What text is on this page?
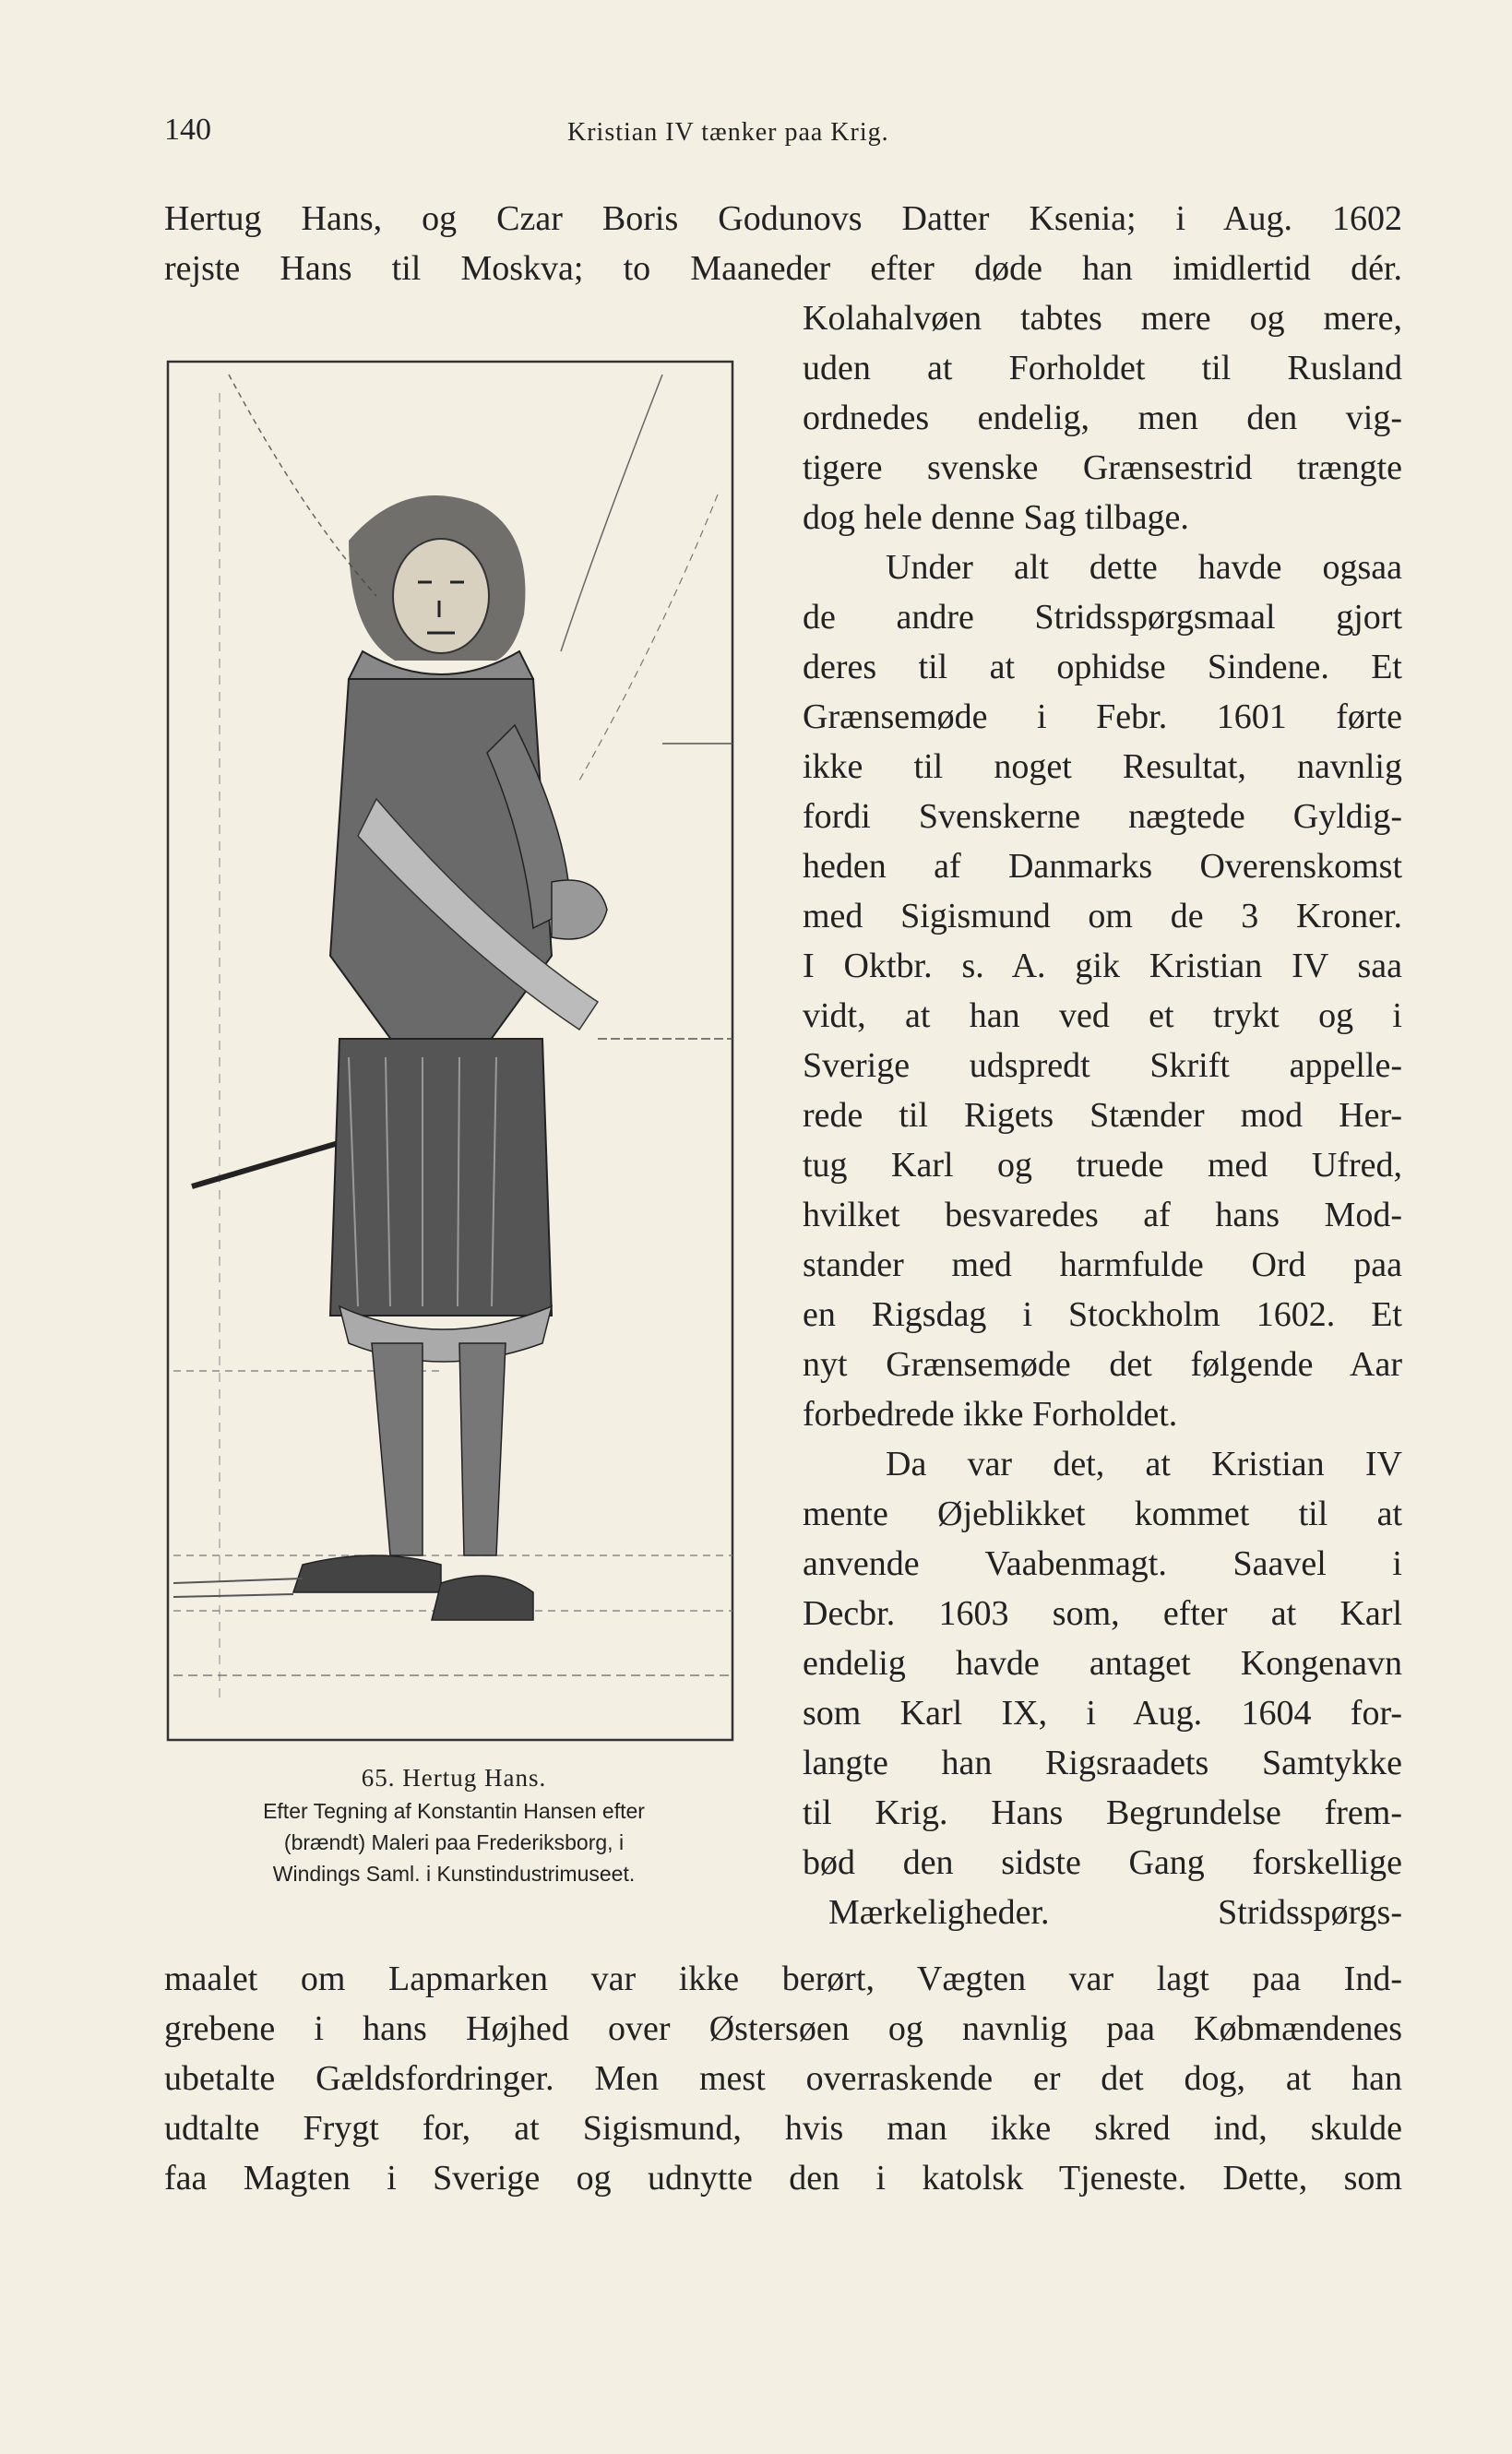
140	Kristian IV tænker paa Krig.
Hertug Hans, og Czar Boris Godunovs Datter Ksenia; i Aug. 1602
rejste Hans til Moskva; to Maaneder efter døde han imidlertid dér.
65. Hertug Hans.
Efter Tegning af Konstantin Hansen efter
(brændt) Maleri paa Frederiksborg, i
Windings Saml. i Kunstindustrimuseet.
Kolahalvøen tabtes mere og mere,
uden at Forholdet til Rusland
ordnedes endelig, men den vig-
tigere svenske Grænsestrid trængte
dog hele denne Sag tilbage.
Under alt dette havde ogsaa
de andre Stridsspørgsmaal gjort
deres til at ophidse Sindene. Et
Grænsemøde i Febr. 1601 førte
ikke til noget Resultat, navnlig
fordi Svenskerne nægtede Gyldig-
heden af Danmarks Overenskomst
med Sigismund om de 3 Kroner.
I Oktbr. s. A. gik Kristian IV saa
vidt, at han ved et trykt og i
Sverige udspredt Skrift appelle-
rede til Rigets Stænder mod Her-
tug Karl og truede med Ufred,
hvilket besvaredes af hans Mod-
stander med harmfulde Ord paa
en Rigsdag i Stockholm 1602. Et
nyt Grænsemøde det følgende Aar
forbedrede ikke Forholdet.
Da var det, at Kristian IV
mente Øjeblikket kommet til at
anvende Vaabenmagt. Saavel i
Decbr. 1603 som, efter at Karl
endelig havde antaget Kongenavn
som Karl IX, i Aug. 1604 for-
langte han Rigsraadets Samtykke
til Krig. Hans Begrundelse frem-
bød den sidste Gang forskellige
Mærkeligheder. Stridsspørgs-
maalet om Lapmarken var ikke berørt, Vægten var lagt paa Ind-
grebene i hans Højhed over Østersøen og navnlig paa Købmændenes
ubetalte Gældsfordringer. Men mest overraskende er det dog, at han
udtalte Frygt for, at Sigismund, hvis man ikke skred ind, skulde
faa Magten i Sverige og udnytte den i katolsk Tjeneste. Dette, som
